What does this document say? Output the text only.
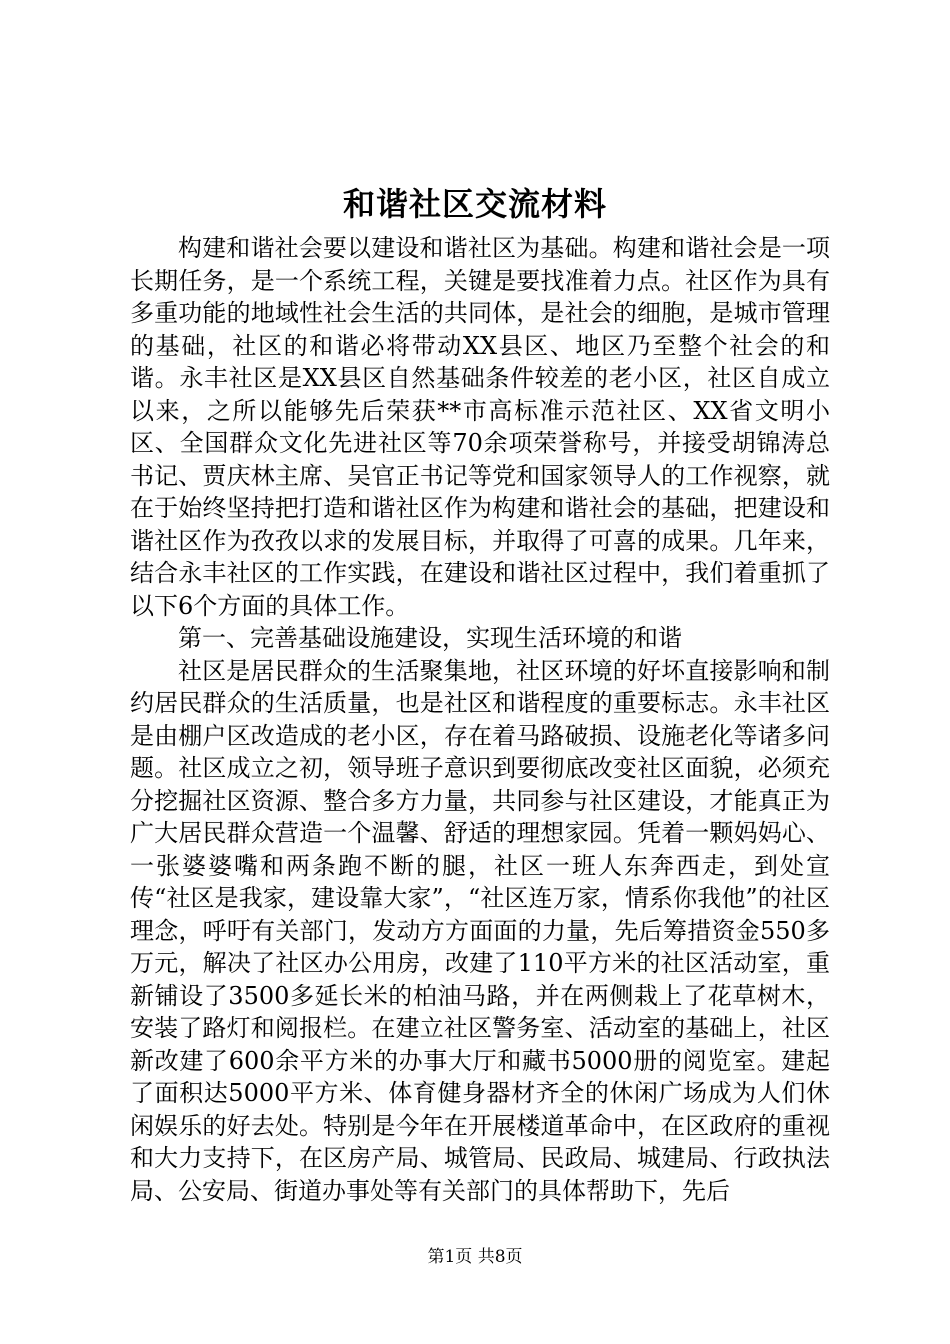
和谐社区交流材料

构建和谐社会要以建设和谐社区为基础。构建和谐社会是一项长期任务，是一个系统工程，关键是要找准着力点。社区作为具有多重功能的地域性社会生活的共同体，是社会的细胞，是城市管理的基础，社区的和谐必将带动XX县区、地区乃至整个社会的和谐。永丰社区是XX县区自然基础条件较差的老小区，社区自成立以来，之所以能够先后荣获**市高标准示范社区、XX省文明小区、全国群众文化先进社区等70余项荣誉称号，并接受胡锦涛总书记、贾庆林主席、吴官正书记等党和国家领导人的工作视察，就在于始终坚持把打造和谐社区作为构建和谐社会的基础，把建设和谐社区作为孜孜以求的发展目标，并取得了可喜的成果。几年来，结合永丰社区的工作实践，在建设和谐社区过程中，我们着重抓了以下6个方面的具体工作。

第一、完善基础设施建设，实现生活环境的和谐

社区是居民群众的生活聚集地，社区环境的好坏直接影响和制约居民群众的生活质量，也是社区和谐程度的重要标志。永丰社区是由棚户区改造成的老小区，存在着马路破损、设施老化等诸多问题。社区成立之初，领导班子意识到要彻底改变社区面貌，必须充分挖掘社区资源、整合多方力量，共同参与社区建设，才能真正为广大居民群众营造一个温馨、舒适的理想家园。凭着一颗妈妈心、一张婆婆嘴和两条跑不断的腿，社区一班人东奔西走，到处宣传“社区是我家，建设靠大家”，“社区连万家，情系你我他”的社区理念，呼吁有关部门，发动方方面面的力量，先后筹措资金550多万元，解决了社区办公用房，改建了110平方米的社区活动室，重新铺设了3500多延长米的柏油马路，并在两侧栽上了花草树木，安装了路灯和阅报栏。在建立社区警务室、活动室的基础上，社区新改建了600余平方米的办事大厅和藏书5000册的阅览室。建起了面积达5000平方米、体育健身器材齐全的休闲广场成为人们休闲娱乐的好去处。特别是今年在开展楼道革命中，在区政府的重视和大力支持下，在区房产局、城管局、民政局、城建局、行政执法局、公安局、街道办事处等有关部门的具体帮助下，先后

第1页 共8页
